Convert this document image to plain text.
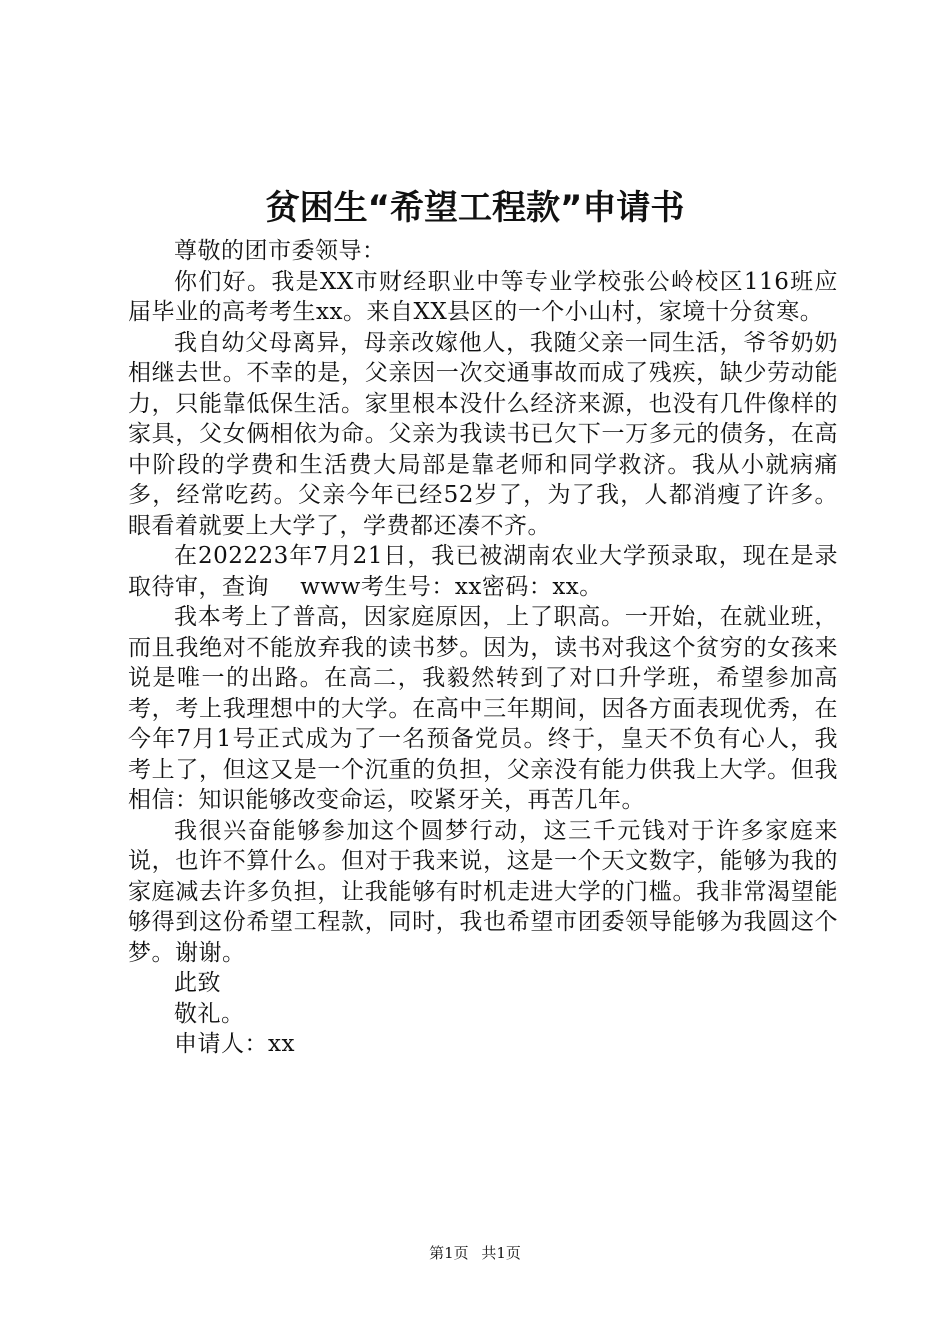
贫困生“希望工程款”申请书

尊敬的团市委领导：

你们好。我是XX市财经职业中等专业学校张公岭校区116班应届毕业的高考考生xx。来自XX县区的一个小山村，家境十分贫寒。

我自幼父母离异，母亲改嫁他人，我随父亲一同生活，爷爷奶奶相继去世。不幸的是，父亲因一次交通事故而成了残疾，缺少劳动能力，只能靠低保生活。家里根本没什么经济来源，也没有几件像样的家具，父女俩相依为命。父亲为我读书已欠下一万多元的债务，在高中阶段的学费和生活费大局部是靠老师和同学救济。我从小就病痛多，经常吃药。父亲今年已经52岁了，为了我，人都消瘦了许多。眼看着就要上大学了，学费都还凑不齐。

在202223年7月21日，我已被湖南农业大学预录取，现在是录取待审，查询　 www考生号：xx密码：xx。

我本考上了普高，因家庭原因，上了职高。一开始，在就业班，而且我绝对不能放弃我的读书梦。因为，读书对我这个贫穷的女孩来说是唯一的出路。在高二，我毅然转到了对口升学班，希望参加高考，考上我理想中的大学。在高中三年期间，因各方面表现优秀，在今年7月1号正式成为了一名预备党员。终于，皇天不负有心人，我考上了，但这又是一个沉重的负担，父亲没有能力供我上大学。但我相信：知识能够改变命运，咬紧牙关，再苦几年。

我很兴奋能够参加这个圆梦行动，这三千元钱对于许多家庭来说，也许不算什么。但对于我来说，这是一个天文数字，能够为我的家庭减去许多负担，让我能够有时机走进大学的门槛。我非常渴望能够得到这份希望工程款，同时，我也希望市团委领导能够为我圆这个梦。谢谢。

此致

敬礼。

申请人：xx

第1页 共1页
